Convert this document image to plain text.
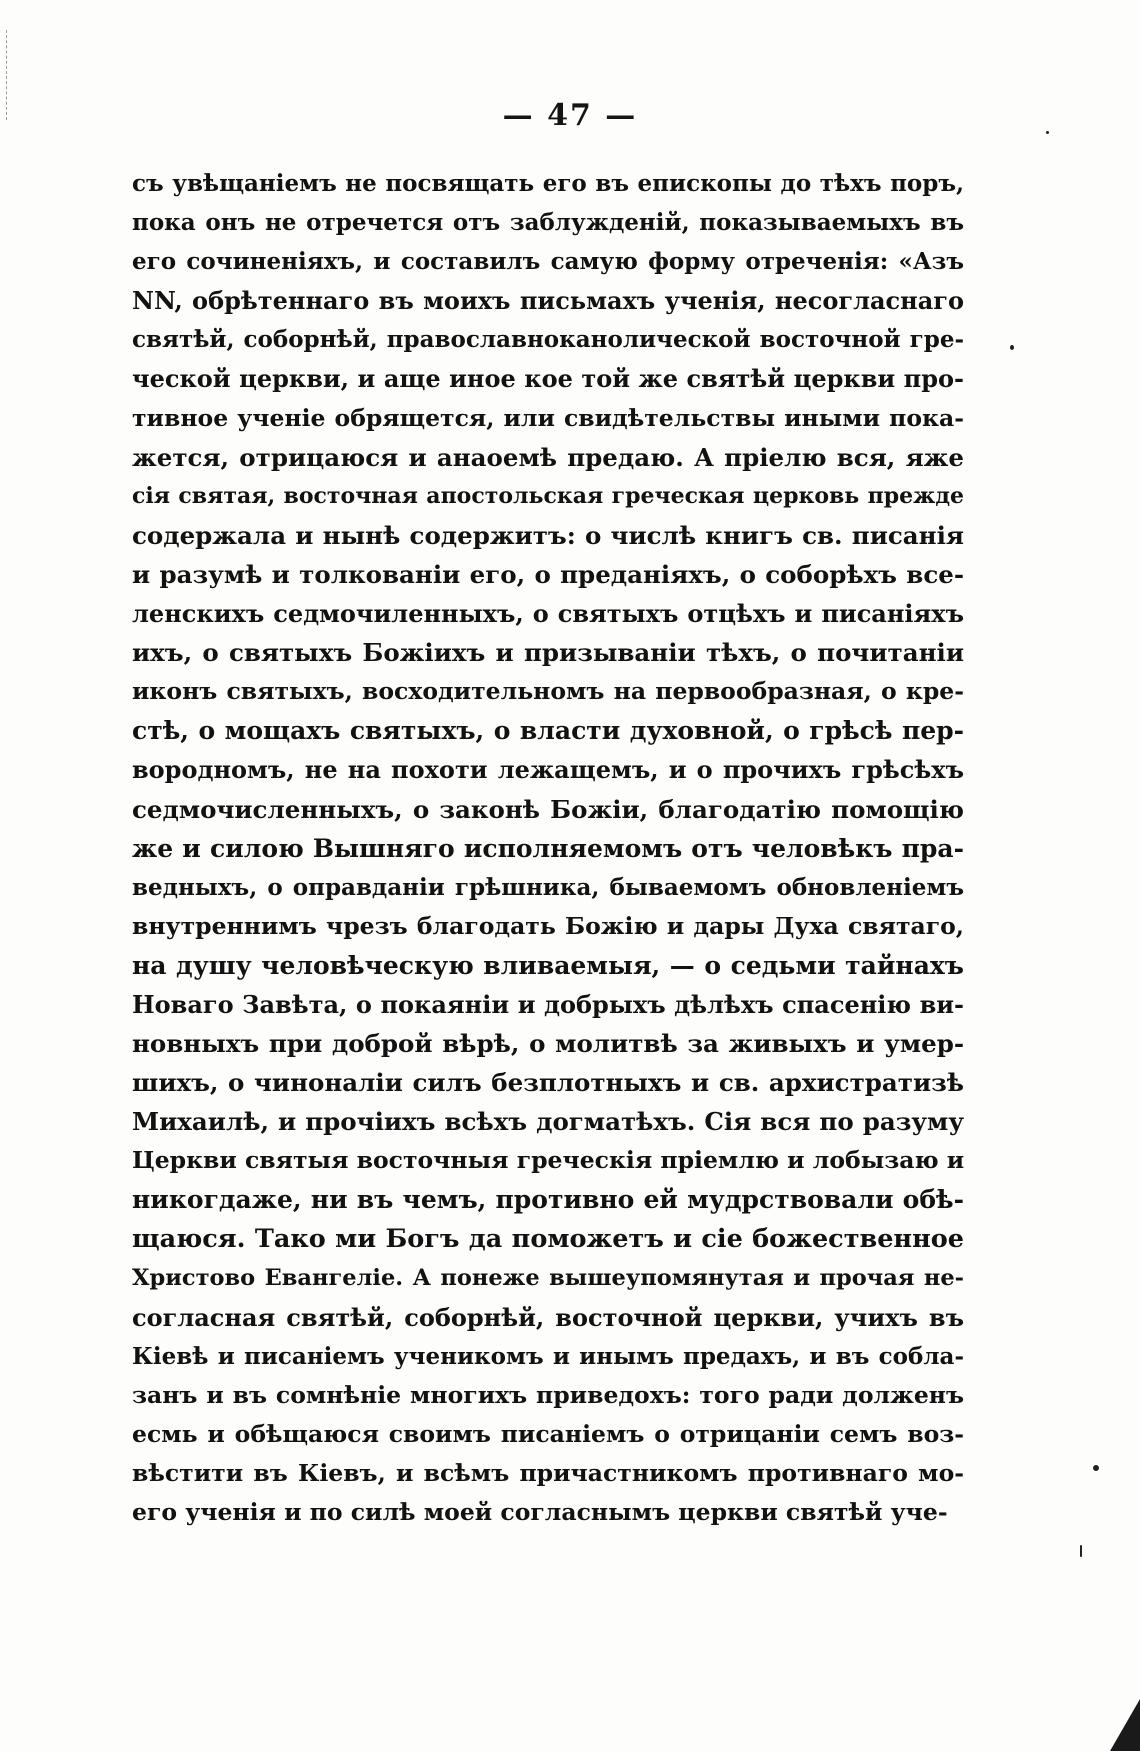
— 47 —
съ увѣщаніемъ не посвящать его въ епископы до тѣхъ поръ,
пока онъ не отречется отъ заблужденій, показываемыхъ въ
его сочиненіяхъ, и составилъ самую форму отреченія: «Азъ
NN, обрѣтеннаго въ моихъ письмахъ ученія, несогласнаго
святѣй, соборнѣй, православноканолической восточной гре-
ческой церкви, и аще иное кое той же святѣй церкви про-
тивное ученіе обрящется, или свидѣтельствы иными пока-
жется, отрицаюся и анаоемѣ предаю. А пріелю вся, яже
сія святая, восточная апостольская греческая церковь прежде
содержала и нынѣ содержитъ: о числѣ книгъ св. писанія
и разумѣ и толкованіи его, о преданіяхъ, о соборѣхъ все-
ленскихъ седмочиленныхъ, о святыхъ отцѣхъ и писаніяхъ
ихъ, о святыхъ Божіихъ и призываніи тѣхъ, о почитаніи
иконъ святыхъ, восходительномъ на первообразная, о кре-
стѣ, о мощахъ святыхъ, о власти духовной, о грѣсѣ пер-
вородномъ, не на похоти лежащемъ, и о прочихъ грѣсѣхъ
седмочисленныхъ, о законѣ Божіи, благодатію помощію
же и силою Вышняго исполняемомъ отъ человѣкъ пра-
ведныхъ, о оправданіи грѣшника, бываемомъ обновленіемъ
внутреннимъ чрезъ благодать Божію и дары Духа святаго,
на душу человѣческую вливаемыя, — о седьми тайнахъ
Новаго Завѣта, о покаяніи и добрыхъ дѣлѣхъ спасенію ви-
новныхъ при доброй вѣрѣ, о молитвѣ за живыхъ и умер-
шихъ, о чиноналіи силъ безплотныхъ и св. архистратизѣ
Михаилѣ, и прочіихъ всѣхъ догматѣхъ. Сія вся по разуму
Церкви святыя восточныя греческія пріемлю и лобызаю и
никогдаже, ни въ чемъ, противно ей мудрствовали обѣ-
щаюся. Тако ми Богъ да поможетъ и сіе божественное
Христово Евангеліе. А понеже вышеупомянутая и прочая не-
согласная святѣй, соборнѣй, восточной церкви, учихъ въ
Кіевѣ и писаніемъ ученикомъ и инымъ предахъ, и въ собла-
занъ и въ сомнѣніе многихъ приведохъ: того ради долженъ
есмь и обѣщаюся своимъ писаніемъ о отрицаніи семъ воз-
вѣстити въ Кіевъ, и всѣмъ причастникомъ противнаго мо-
его ученія и по силѣ моей согласнымъ церкви святѣй уче-
